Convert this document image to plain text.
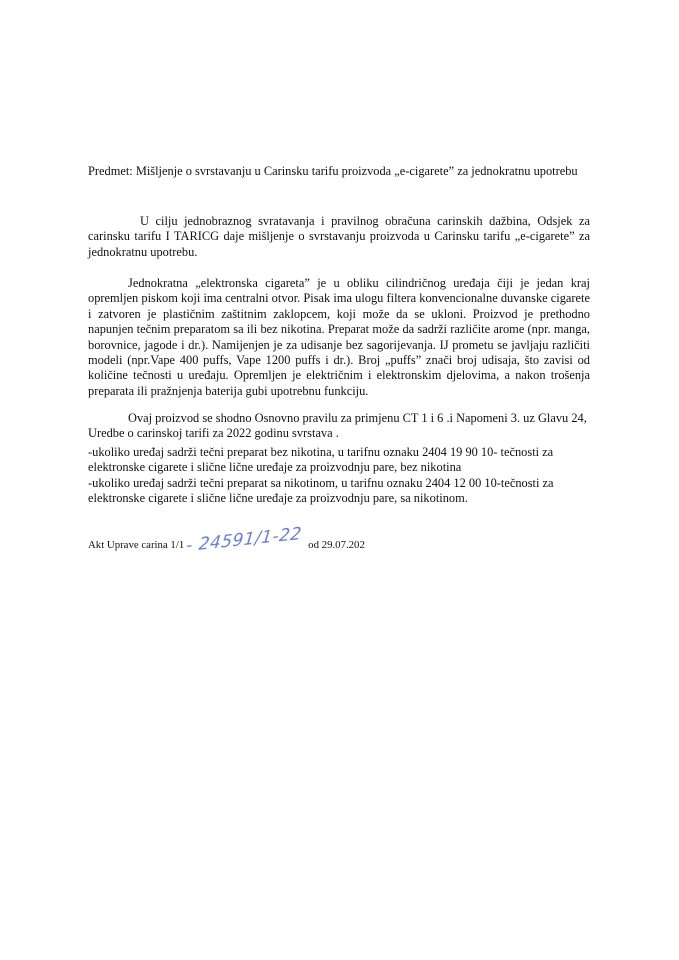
Predmet: Mišljenje o svrstavanju u Carinsku tarifu proizvoda „e-cigarete” za jednokratnu upotrebu

U cilju jednobraznog svratavanja i pravilnog obračuna carinskih dažbina, Odsjek za carinsku tarifu I TARICG daje mišljenje o svrstavanju proizvoda u Carinsku tarifu „e-cigarete” za jednokratnu upotrebu.

Jednokratna „elektronska cigareta” je u obliku cilindričnog uređaja čiji je jedan kraj opremljen piskom koji ima centralni otvor. Pisak ima ulogu filtera konvencionalne duvanske cigarete i zatvoren je plastičnim zaštitnim zaklopcem, koji može da se ukloni. Proizvod je prethodno napunjen tečnim preparatom sa ili bez nikotina. Preparat može da sadrži različite arome (npr. manga, borovnice, jagode i dr.). Namijenjen je za udisanje bez sagorijevanja. IJ prometu se javljaju različiti modeli (npr.Vape 400 puffs, Vape 1200 puffs i dr.). Broj „puffs” znači broj udisaja, što zavisi od količine tečnosti u uređaju. Opremljen je električnim i elektronskim djelovima, a nakon trošenja preparata ili pražnjenja baterija gubi upotrebnu funkciju.

Ovaj proizvod se shodno Osnovno pravilu za primjenu CT 1 i 6 .i Napomeni 3. uz Glavu 24, Uredbe o carinskoj tarifi za 2022 godinu svrstava .

-ukoliko uređaj sadrži tečni preparat bez nikotina, u tarifnu oznaku 2404 19 90 10- tečnosti za elektronske cigarete i slične lične uređaje za proizvodnju pare, bez nikotina

-ukoliko uređaj sadrži tečni preparat sa nikotinom, u tarifnu oznaku 2404 12 00 10-tečnosti za elektronske cigarete i slične lične uređaje za proizvodnju pare, sa nikotinom.

Akt Uprave carina 1/1- 24591/1-22 od 29.07.202
